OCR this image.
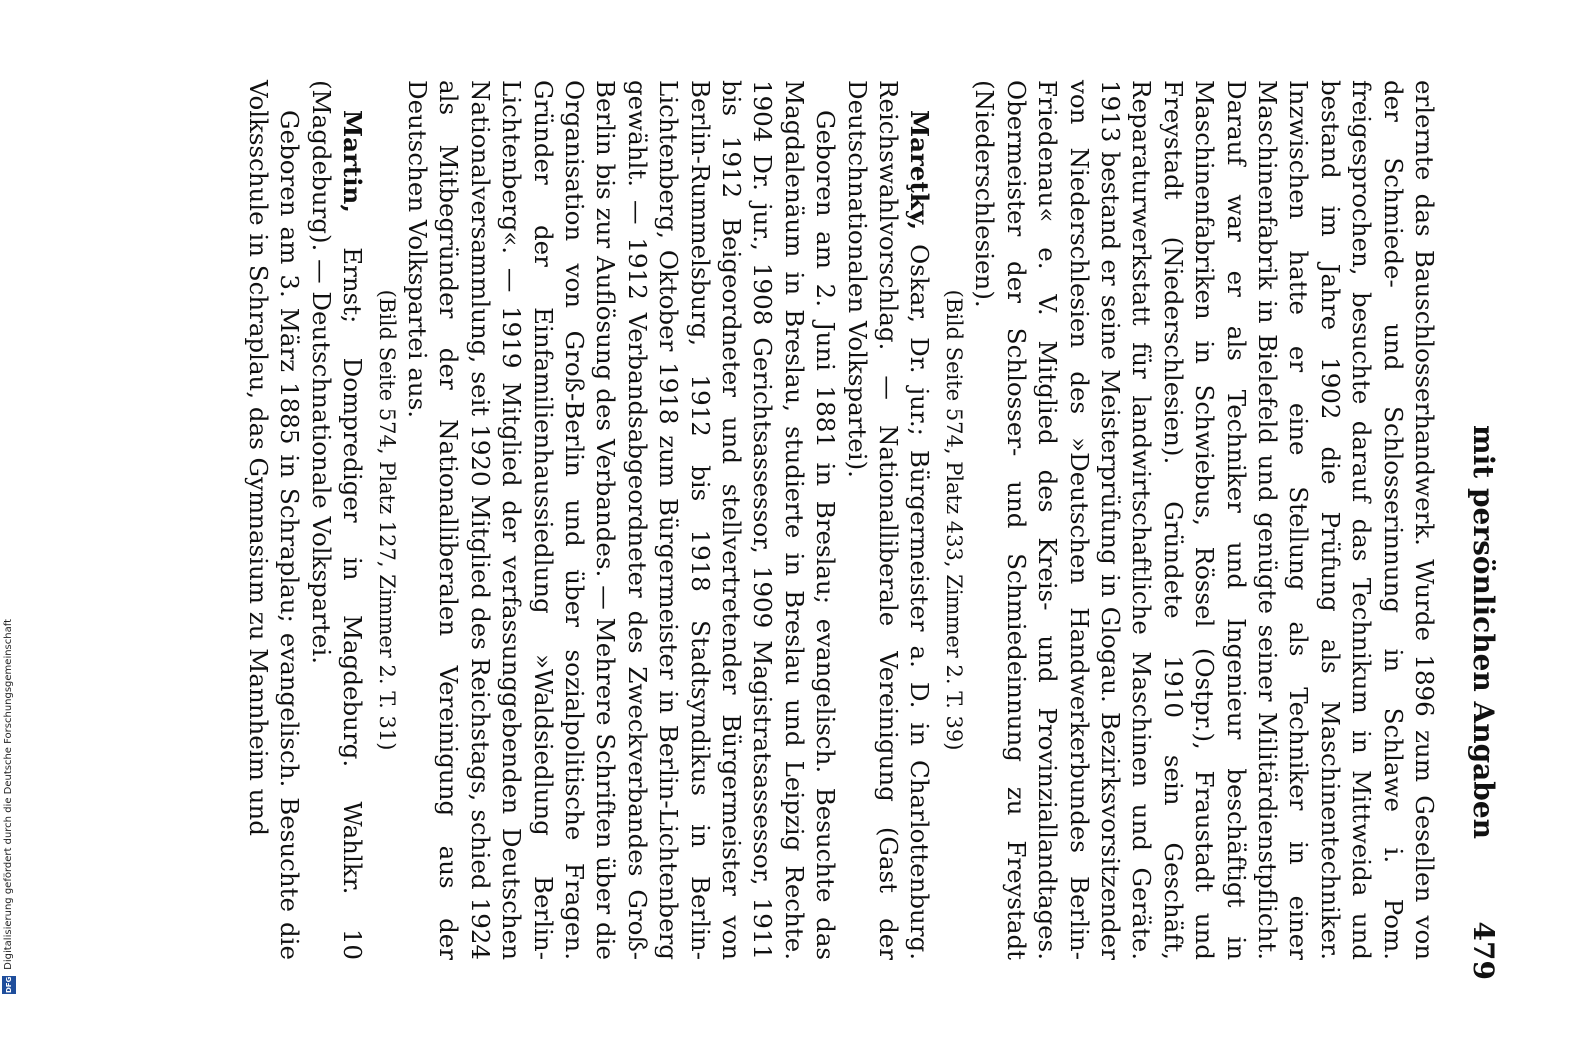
Digitalisierung gefördert durch die Deutsche Forschungsgemeinschaft
DFG
mit persönlichen Angaben
479

erlernte das Bauschlosserhandwerk. Wurde 1896 zum Gesellen von der Schmiede- und Schlosserinnung in Schlawe i. Pom. freigesprochen, besuchte darauf das Technikum in Mittweida und bestand im Jahre 1902 die Prüfung als Maschinentechniker. Inzwischen hatte er eine Stellung als Techniker in einer Maschinenfabrik in Bielefeld und genügte seiner Militärdienstpflicht. Darauf war er als Techniker und Ingenieur beschäftigt in Maschinenfabriken in Schwiebus, Rössel (Ostpr.), Fraustadt und Freystadt (Niederschlesien). Gründete 1910 sein Geschäft, Reparaturwerkstatt für landwirtschaftliche Maschinen und Geräte. 1913 bestand er seine Meisterprüfung in Glogau. Bezirksvorsitzender von Niederschlesien des »Deutschen Handwerkerbundes Berlin-Friedenau« e. V. Mitglied des Kreis- und Provinziallandtages. Obermeister der Schlosser- und Schmiedeinnung zu Freystadt (Niederschlesien).

(Bild Seite 574, Platz 433, Zimmer 2. T. 39)

Mareţky, Oskar, Dr. jur.; Bürgermeister a. D. in Charlottenburg. Reichswahlvorschlag. — Nationalliberale Vereinigung (Gast der Deutschnationalen Volkspartei).

Geboren am 2. Juni 1881 in Breslau; evangelisch. Besuchte das Magdalenäum in Breslau, studierte in Breslau und Leipzig Rechte. 1904 Dr. jur., 1908 Gerichtsassessor, 1909 Magistratsassessor, 1911 bis 1912 Beigeordneter und stellvertretender Bürgermeister von Berlin-Rummelsburg, 1912 bis 1918 Stadtsyndikus in Berlin-Lichtenberg, Oktober 1918 zum Bürgermeister in Berlin-Lichtenberg gewählt. — 1912 Verbandsabgeordneter des Zweckverbandes Groß-Berlin bis zur Auflösung des Verbandes. — Mehrere Schriften über die Organisation von Groß-Berlin und über sozialpolitische Fragen. Gründer der Einfamilienhaussiedlung »Waldsiedlung Berlin-Lichtenberg«. — 1919 Mitglied der verfassunggebenden Deutschen Nationalversammlung, seit 1920 Mitglied des Reichstags, schied 1924 als Mitbegründer der Nationalliberalen Vereinigung aus der Deutschen Volkspartei aus.

(Bild Seite 574, Platz 127, Zimmer 2. T. 31)

Martin, Ernst; Domprediger in Magdeburg. Wahlkr. 10 (Magdeburg). — Deutschnationale Volkspartei.

Geboren am 3. März 1885 in Schraplau; evangelisch. Besuchte die Volksschule in Schraplau, das Gymnasium zu Mannheim und
